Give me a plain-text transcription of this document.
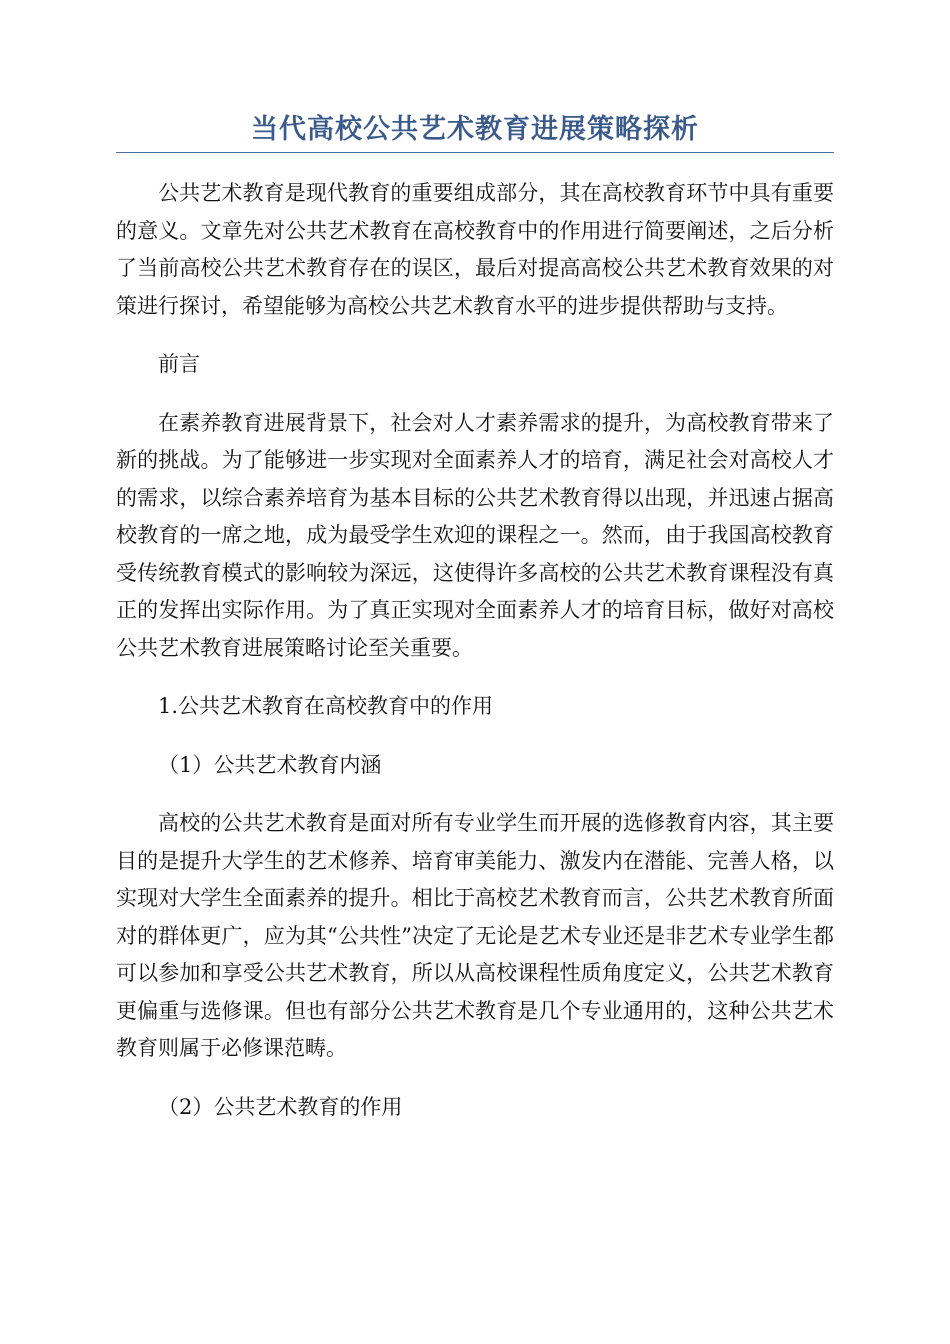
当代高校公共艺术教育进展策略探析

公共艺术教育是现代教育的重要组成部分，其在高校教育环节中具有重要的意义。文章先对公共艺术教育在高校教育中的作用进行简要阐述，之后分析了当前高校公共艺术教育存在的误区，最后对提高高校公共艺术教育效果的对策进行探讨，希望能够为高校公共艺术教育水平的进步提供帮助与支持。

前言

在素养教育进展背景下，社会对人才素养需求的提升，为高校教育带来了新的挑战。为了能够进一步实现对全面素养人才的培育，满足社会对高校人才的需求，以综合素养培育为基本目标的公共艺术教育得以出现，并迅速占据高校教育的一席之地，成为最受学生欢迎的课程之一。然而，由于我国高校教育受传统教育模式的影响较为深远，这使得许多高校的公共艺术教育课程没有真正的发挥出实际作用。为了真正实现对全面素养人才的培育目标，做好对高校公共艺术教育进展策略讨论至关重要。

1.公共艺术教育在高校教育中的作用

（1）公共艺术教育内涵

高校的公共艺术教育是面对所有专业学生而开展的选修教育内容，其主要目的是提升大学生的艺术修养、培育审美能力、激发内在潜能、完善人格，以实现对大学生全面素养的提升。相比于高校艺术教育而言，公共艺术教育所面对的群体更广，应为其“公共性”决定了无论是艺术专业还是非艺术专业学生都可以参加和享受公共艺术教育，所以从高校课程性质角度定义，公共艺术教育更偏重与选修课。但也有部分公共艺术教育是几个专业通用的，这种公共艺术教育则属于必修课范畴。

（2）公共艺术教育的作用
